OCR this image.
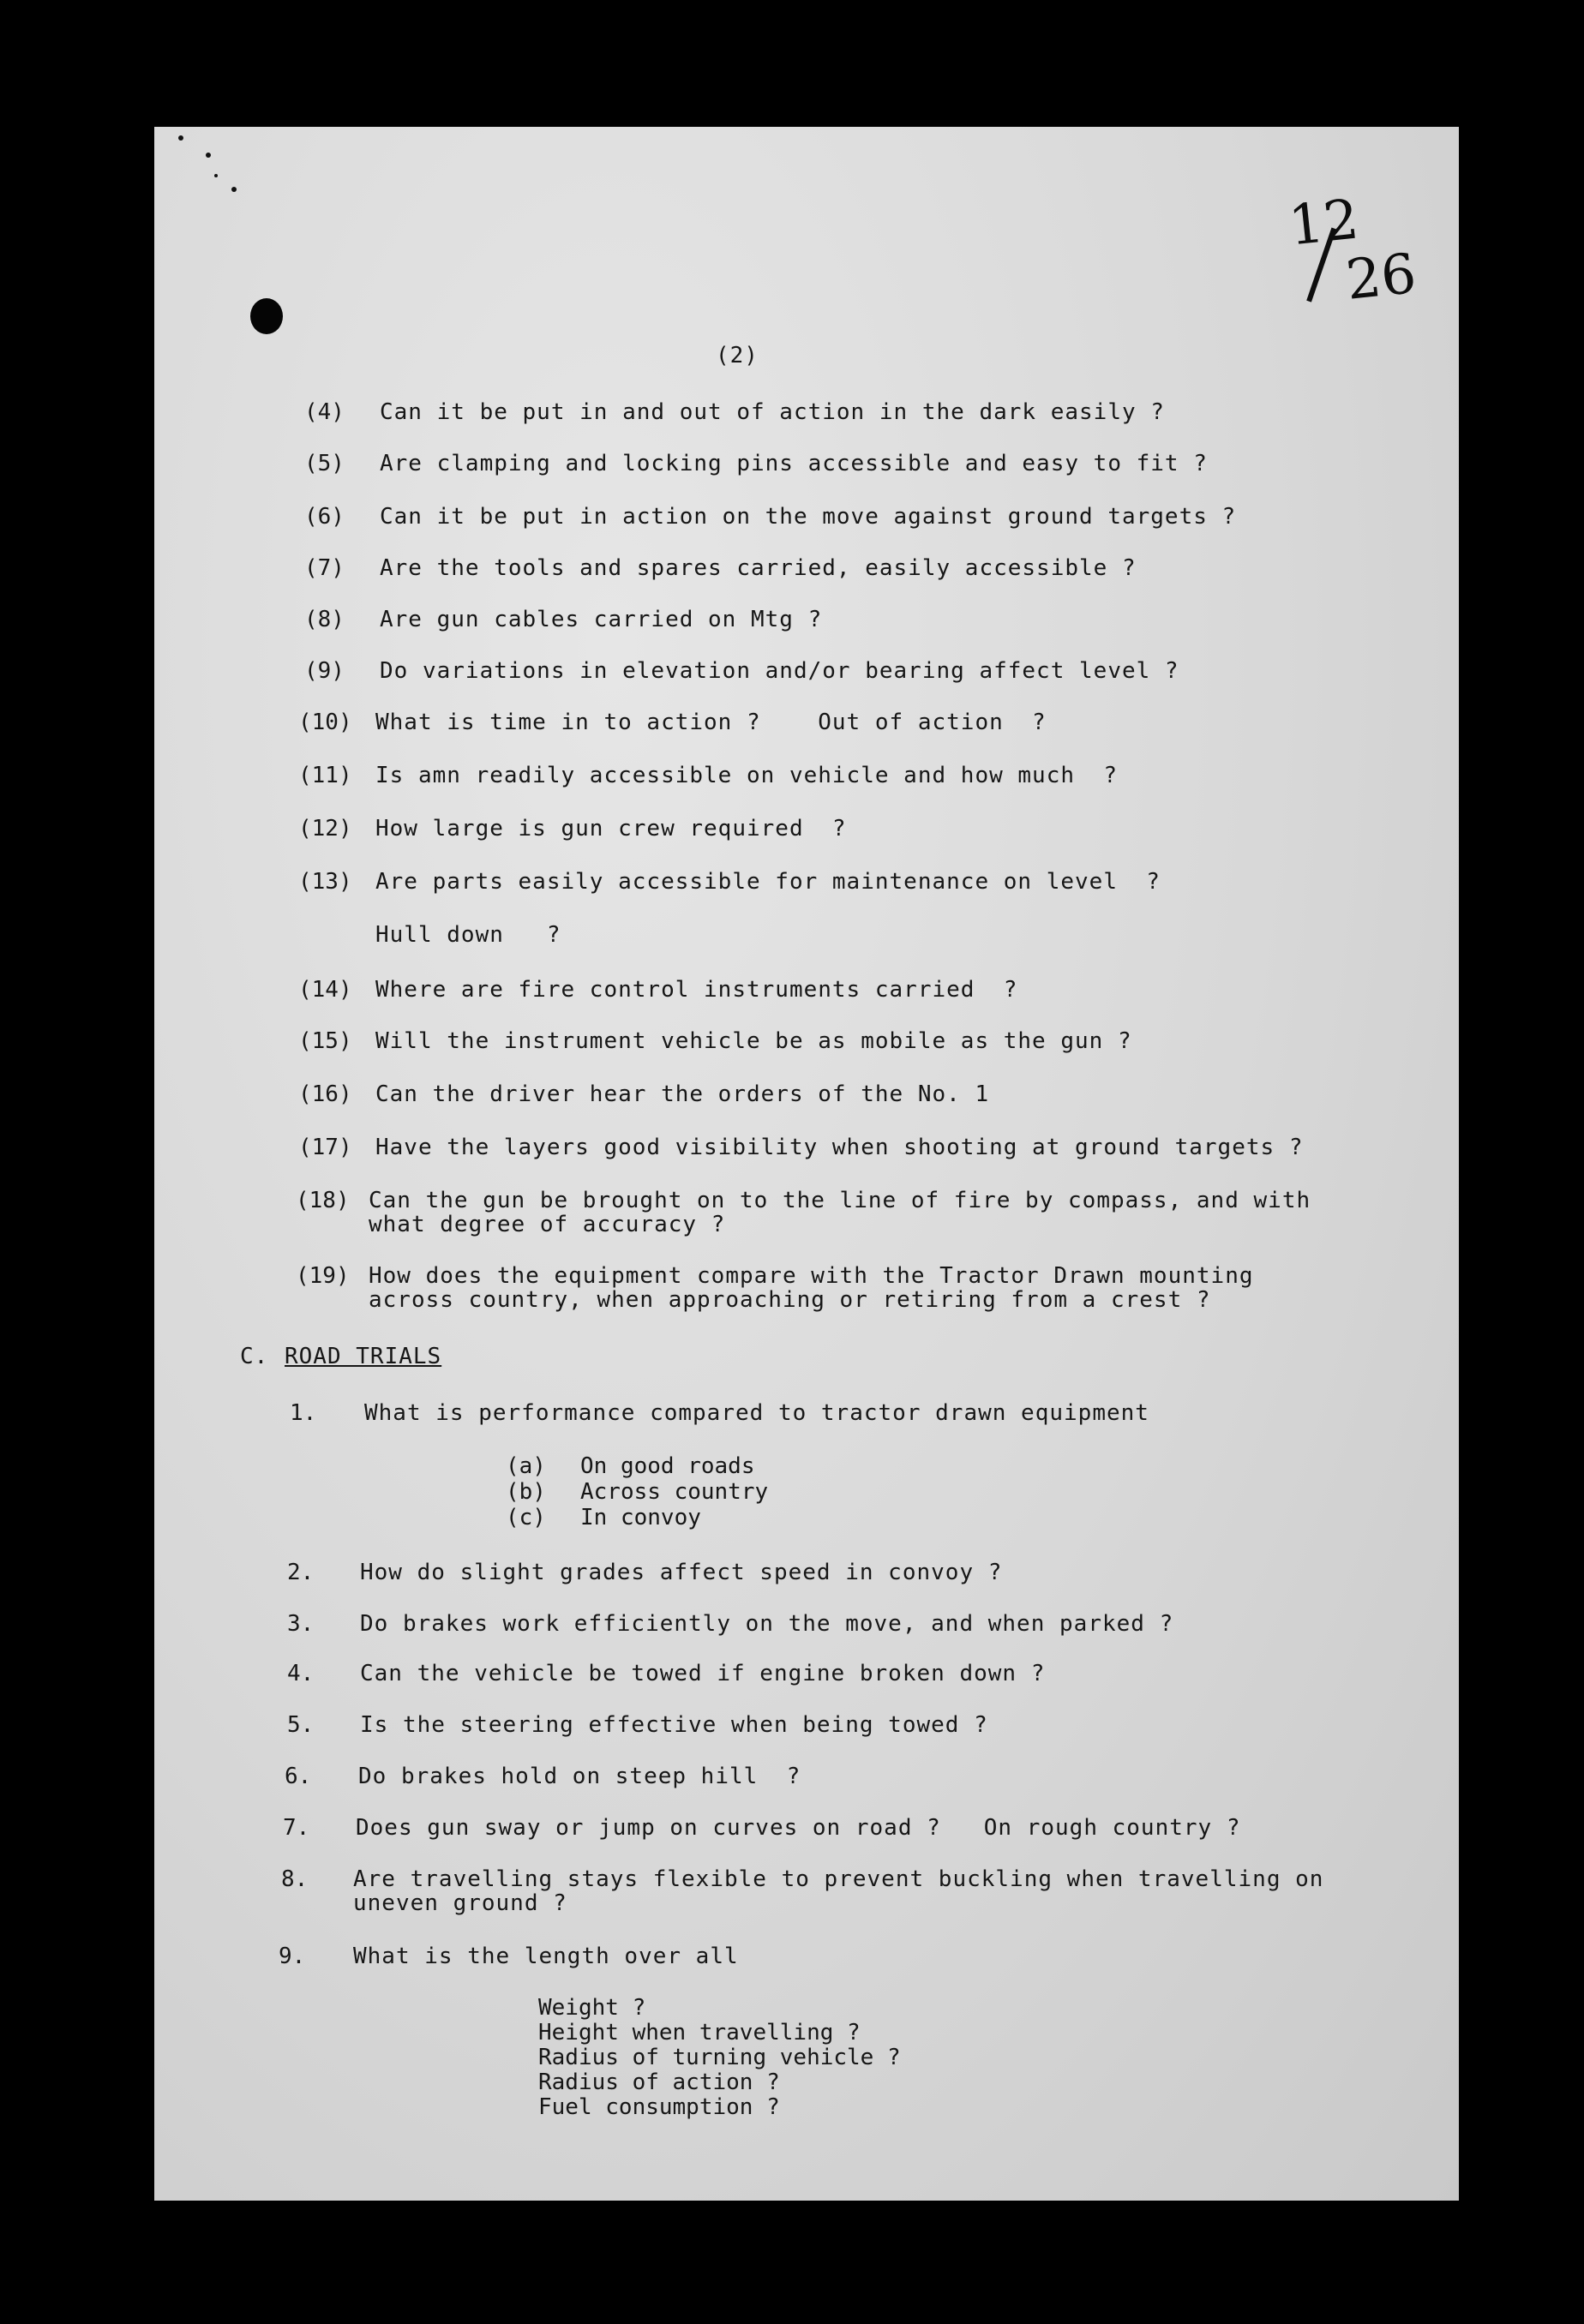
12
26
(2)
(4) Can it be put in and out of action in the dark easily ?
(5) Are clamping and locking pins accessible and easy to fit ?
(6) Can it be put in action on the move against ground targets ?
(7) Are the tools and spares carried, easily accessible ?
(8) Are gun cables carried on Mtg ?
(9) Do variations in elevation and/or bearing affect level ?
(10) What is time in to action ?    Out of action  ?
(11) Is amn readily accessible on vehicle and how much  ?
(12) How large is gun crew required  ?
(13) Are parts easily accessible for maintenance on level  ?
Hull down   ?
(14) Where are fire control instruments carried  ?
(15) Will the instrument vehicle be as mobile as the gun ?
(16) Can the driver hear the orders of the No. 1
(17) Have the layers good visibility when shooting at ground targets ?
(18) Can the gun be brought on to the line of fire by compass, and with
what degree of accuracy ?
(19) How does the equipment compare with the Tractor Drawn mounting
across country, when approaching or retiring from a crest ?
C. ROAD TRIALS
1. What is performance compared to tractor drawn equipment
(a) On good roads
(b) Across country
(c) In convoy
2. How do slight grades affect speed in convoy ?
3. Do brakes work efficiently on the move, and when parked ?
4. Can the vehicle be towed if engine broken down ?
5. Is the steering effective when being towed ?
6. Do brakes hold on steep hill  ?
7. Does gun sway or jump on curves on road ?   On rough country ?
8. Are travelling stays flexible to prevent buckling when travelling on
uneven ground ?
9. What is the length over all
Weight ?
Height when travelling ?
Radius of turning vehicle ?
Radius of action ?
Fuel consumption ?
